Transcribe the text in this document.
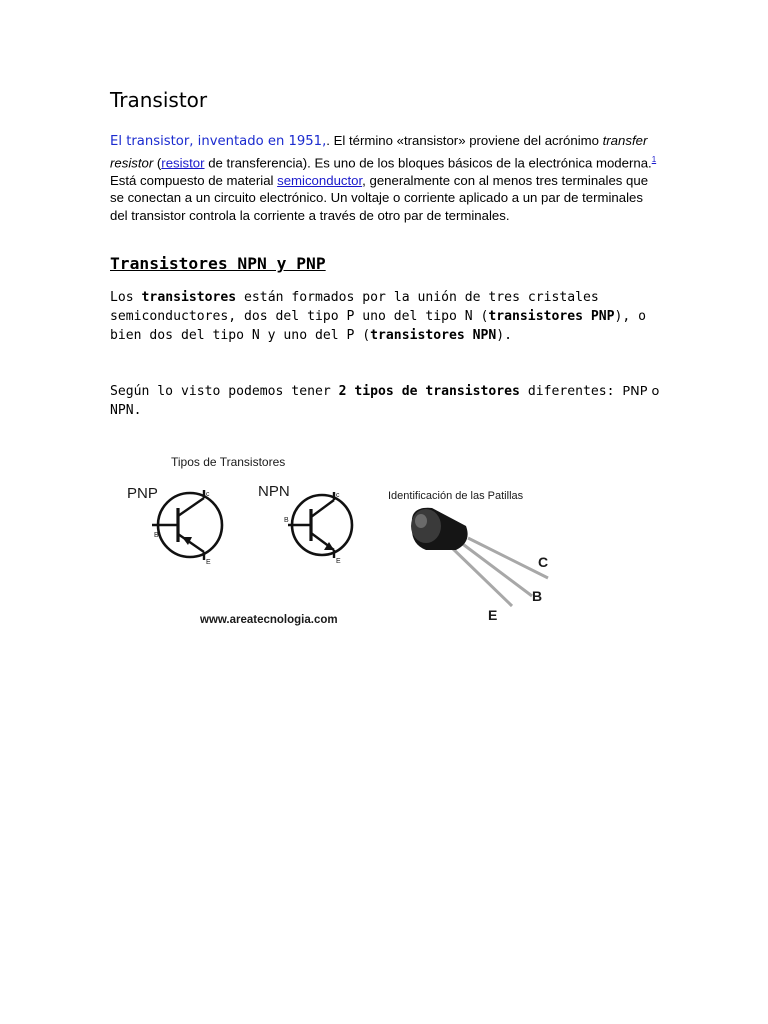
Transistor
El transistor, inventado en 1951,. El término «transistor» proviene del acrónimo transfer resistor (resistor de transferencia). Es uno de los bloques básicos de la electrónica moderna.$^1$ Está compuesto de material semiconductor, generalmente con al menos tres terminales que se conectan a un circuito electrónico. Un voltaje o corriente aplicado a un par de terminales del transistor controla la corriente a través de otro par de terminales.
Transistores NPN y PNP

Los transistores están formados por la unión de tres cristales semiconductores, dos del tipo P uno del tipo N (transistores PNP), o bien dos del tipo N y uno del P (transistores NPN).

Según lo visto podemos tener 2 tipos de transistores diferentes: PNP o NPN.

Tipos de Transistores
PNP	c
B
E
NPN	c
B
E
Identificación de las Patillas
C
B
E
www.areatecnologia.com
